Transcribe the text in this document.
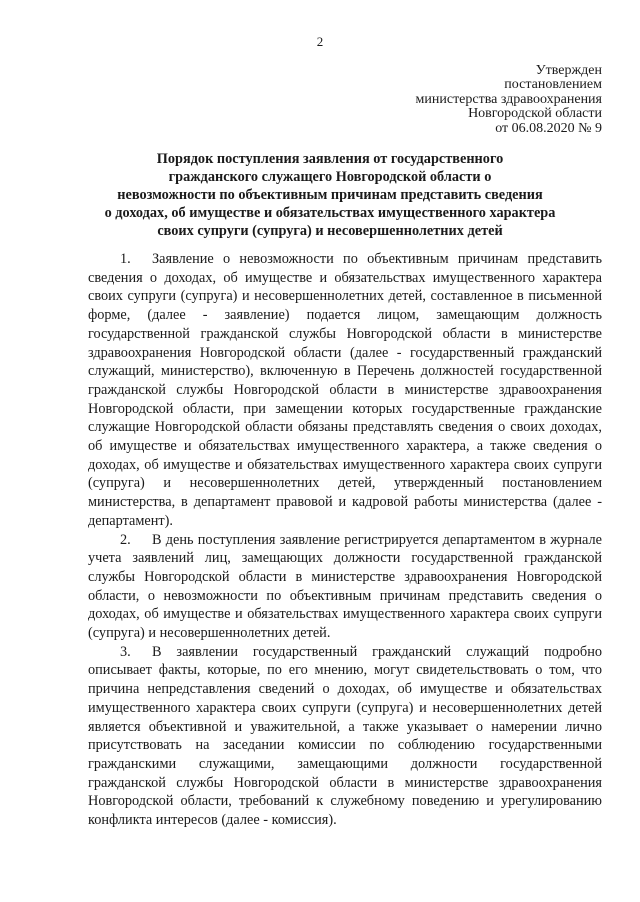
2
Утвержден
постановлением
министерства здравоохранения
Новгородской области
от 06.08.2020 № 9
Порядок поступления заявления от государственного
гражданского служащего Новгородской области о
невозможности по объективным причинам представить сведения
о доходах, об имуществе и обязательствах имущественного характера
своих супруги (супруга) и несовершеннолетних детей

1. Заявление о невозможности по объективным причинам представить сведения о доходах, об имуществе и обязательствах имущественного характера своих супруги (супруга) и несовершеннолетних детей, составленное в письменной форме, (далее - заявление) подается лицом, замещающим должность государственной гражданской службы Новгородской области в министерстве здравоохранения Новгородской области (далее - государственный гражданский служащий, министерство), включенную в Перечень должностей государственной гражданской службы Новгородской области в министерстве здравоохранения Новгородской области, при замещении которых государственные гражданские служащие Новгородской области обязаны представлять сведения о своих доходах, об имуществе и обязательствах имущественного характера, а также сведения о доходах, об имуществе и обязательствах имущественного характера своих супруги (супруга) и несовершеннолетних детей, утвержденный постановлением министерства, в департамент правовой и кадровой работы министерства (далее - департамент).

2. В день поступления заявление регистрируется департаментом в журнале учета заявлений лиц, замещающих должности государственной гражданской службы Новгородской области в министерстве здравоохранения Новгородской области, о невозможности по объективным причинам представить сведения о доходах, об имуществе и обязательствах имущественного характера своих супруги (супруга) и несовершеннолетних детей.

3. В заявлении государственный гражданский служащий подробно описывает факты, которые, по его мнению, могут свидетельствовать о том, что причина непредставления сведений о доходах, об имуществе и обязательствах имущественного характера своих супруги (супруга) и несовершеннолетних детей является объективной и уважительной, а также указывает о намерении лично присутствовать на заседании комиссии по соблюдению государственными гражданскими служащими, замещающими должности государственной гражданской службы Новгородской области в министерстве здравоохранения Новгородской области, требований к служебному поведению и урегулированию конфликта интересов (далее - комиссия).
